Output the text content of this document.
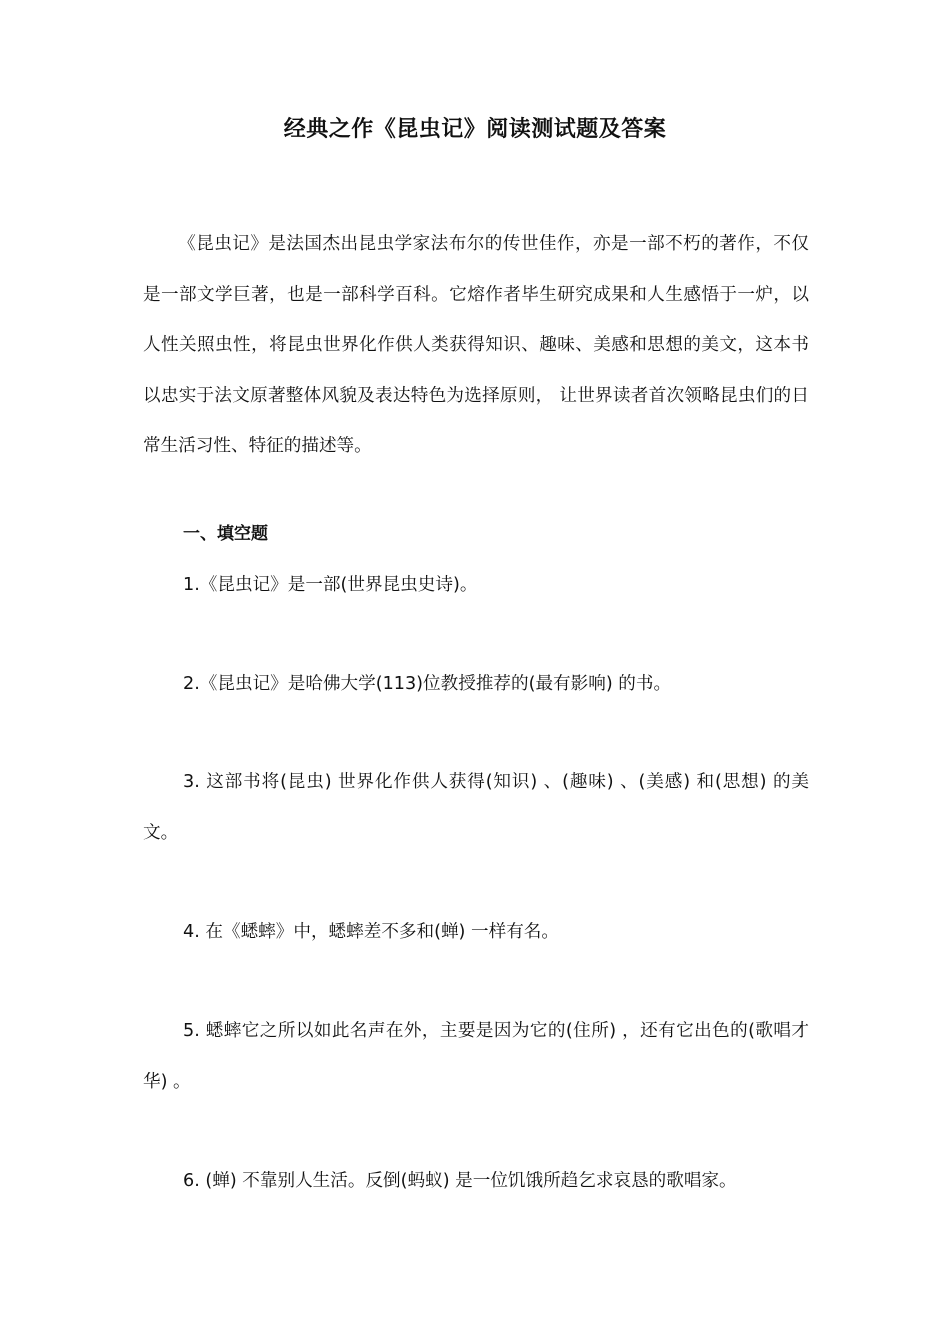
经典之作《昆虫记》阅读测试题及答案

《昆虫记》是法国杰出昆虫学家法布尔的传世佳作，亦是一部不朽的著作，不仅是一部文学巨著，也是一部科学百科。它熔作者毕生研究成果和人生感悟于一炉，以人性关照虫性，将昆虫世界化作供人类获得知识、趣味、美感和思想的美文，这本书以忠实于法文原著整体风貌及表达特色为选择原则， 让世界读者首次领略昆虫们的日常生活习性、特征的描述等。

一、填空题

1.《昆虫记》是一部(世界昆虫史诗)。

2.《昆虫记》是哈佛大学(113)位教授推荐的(最有影响) 的书。

3. 这部书将(昆虫) 世界化作供人获得(知识) 、(趣味) 、(美感) 和(思想) 的美文。

4. 在《蟋蟀》中，蟋蟀差不多和(蝉) 一样有名。

5. 蟋蟀它之所以如此名声在外，主要是因为它的(住所) ，还有它出色的(歌唱才华) 。

6. (蝉) 不靠别人生活。反倒(蚂蚁) 是一位饥饿所趋乞求哀恳的歌唱家。
